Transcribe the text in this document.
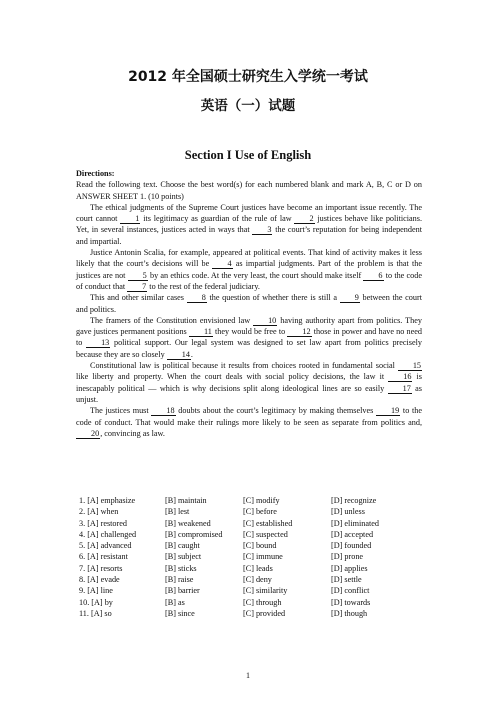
2012 年全国硕士研究生入学统一考试
英语（一）试题
Section I Use of English

Directions:

Read the following text. Choose the best word(s) for each numbered blank and mark A, B, C or D on ANSWER SHEET 1. (10 points)

The ethical judgments of the Supreme Court justices have become an important issue recently. The court cannot 1 its legitimacy as guardian of the rule of law 2 justices behave like politicians. Yet, in several instances, justices acted in ways that 3 the court’s reputation for being independent and impartial.

Justice Antonin Scalia, for example, appeared at political events. That kind of activity makes it less likely that the court’s decisions will be 4 as impartial judgments. Part of the problem is that the justices are not 5 by an ethics code. At the very least, the court should make itself 6 to the code of conduct that 7 to the rest of the federal judiciary.

This and other similar cases 8 the question of whether there is still a 9 between the court and politics.

The framers of the Constitution envisioned law 10 having authority apart from politics. They gave justices permanent positions 11 they would be free to 12 those in power and have no need to 13 political support. Our legal system was designed to set law apart from politics precisely because they are so closely 14.

Constitutional law is political because it results from choices rooted in fundamental social 15 like liberty and property. When the court deals with social policy decisions, the law it 16 is inescapably political — which is why decisions split along ideological lines are so easily 17 as unjust.

The justices must 18 doubts about the court’s legitimacy by making themselves 19 to the code of conduct. That would make their rulings more likely to be seen as separate from politics and, 20, convincing as law.

1. [A] emphasize	[B] maintain	[C] modify	[D] recognize
2. [A] when	[B] lest	[C] before	[D] unless
3. [A] restored	[B] weakened	[C] established	[D] eliminated
4. [A] challenged	[B] compromised	[C] suspected	[D] accepted
5. [A] advanced	[B] caught	[C] bound	[D] founded
6. [A] resistant	[B] subject	[C] immune	[D] prone
7. [A] resorts	[B] sticks	[C] leads	[D] applies
8. [A] evade	[B] raise	[C] deny	[D] settle
9. [A] line	[B] barrier	[C] similarity	[D] conflict
10. [A] by	[B] as	[C] through	[D] towards
11. [A] so	[B] since	[C] provided	[D] though
1
